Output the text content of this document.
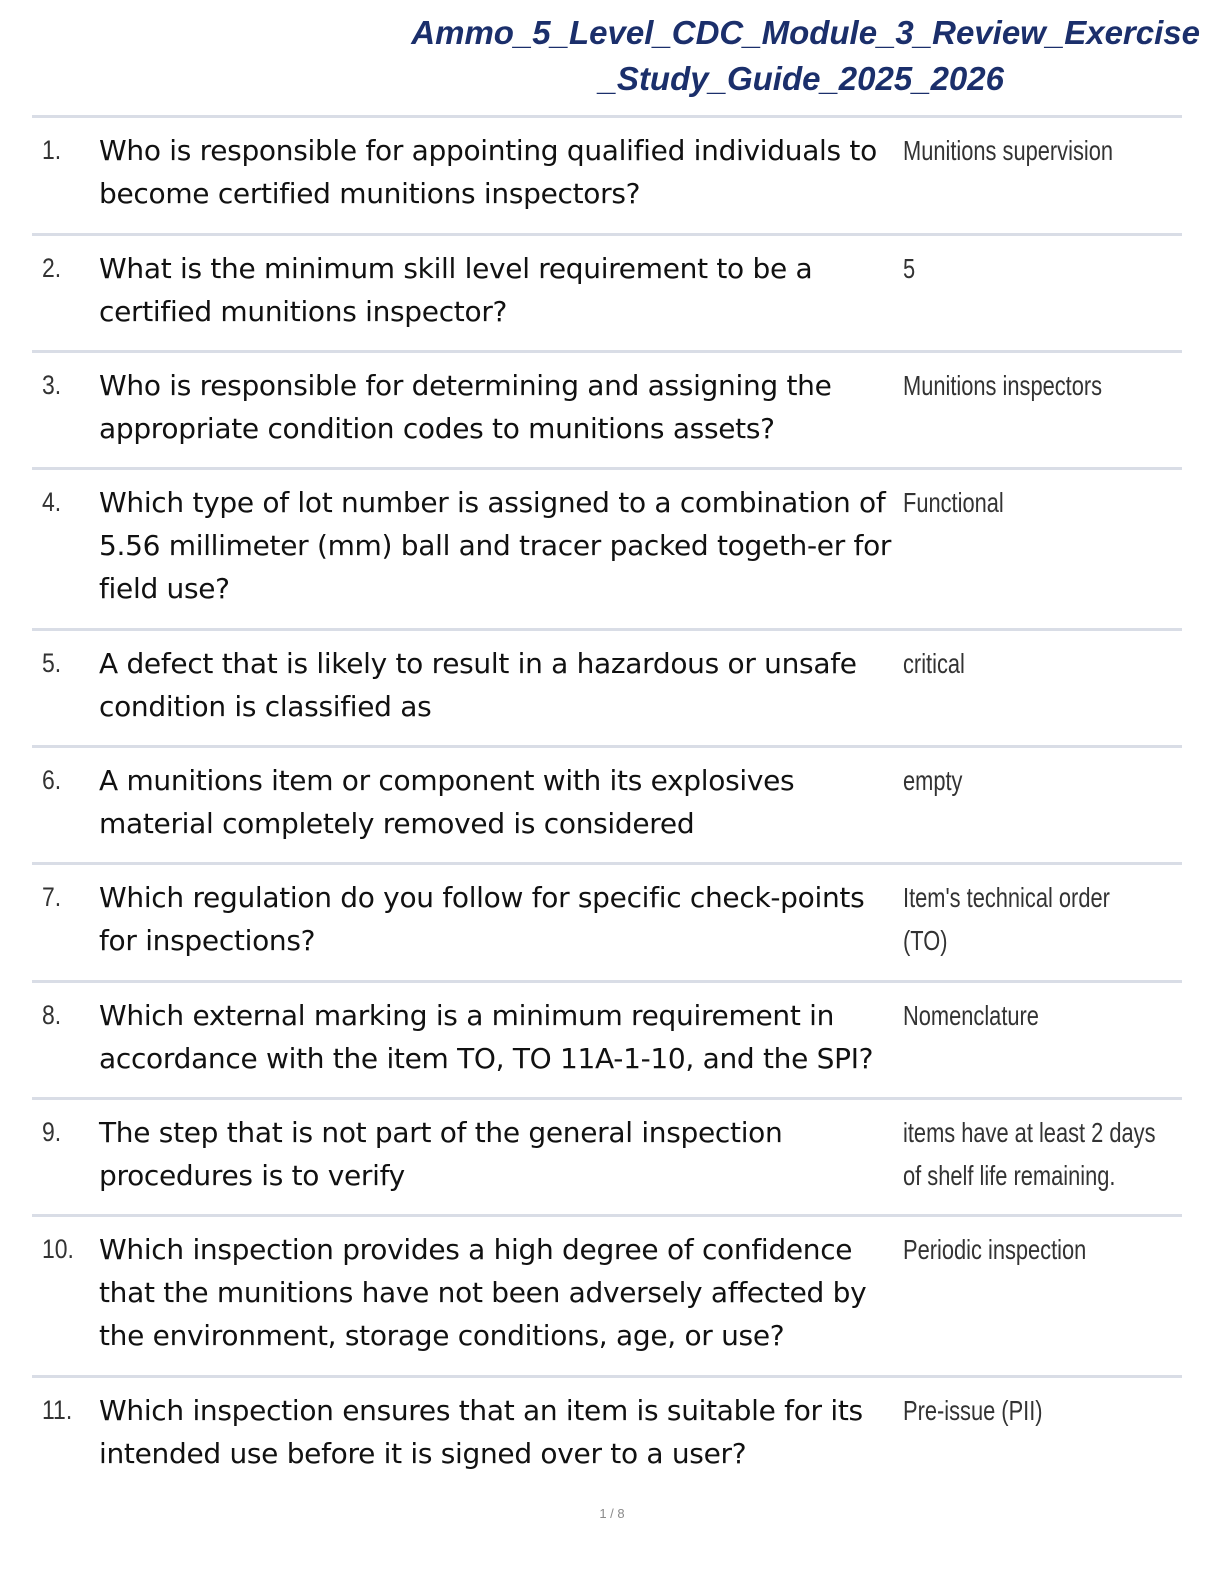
Ammo_5_Level_CDC_Module_3_Review_Exercise

_Study_Guide_2025_2026
1. Who is responsible for appointing qualified individuals to become certified munitions inspectors?
Munitions supervision
2. What is the minimum skill level requirement to be a certified munitions inspector?
5
3. Who is responsible for determining and assigning the appropriate condition codes to munitions assets?
Munitions inspectors
4. Which type of lot number is assigned to a combination of 5.56 millimeter (mm) ball and tracer packed togeth-er for field use?
Functional
5. A defect that is likely to result in a hazardous or unsafe condition is classified as
critical
6. A munitions item or component with its explosives material completely removed is considered
empty
7. Which regulation do you follow for specific check-points for inspections?
Item's technical order (TO)
8. Which external marking is a minimum requirement in accordance with the item TO, TO 11A-1-10, and the SPI?
Nomenclature
9. The step that is not part of the general inspection procedures is to verify
items have at least 2 days of shelf life remaining.
10. Which inspection provides a high degree of confidence that the munitions have not been adversely affected by the environment, storage conditions, age, or use?
Periodic inspection
11. Which inspection ensures that an item is suitable for its intended use before it is signed over to a user?
Pre-issue (PII)
1 / 8
